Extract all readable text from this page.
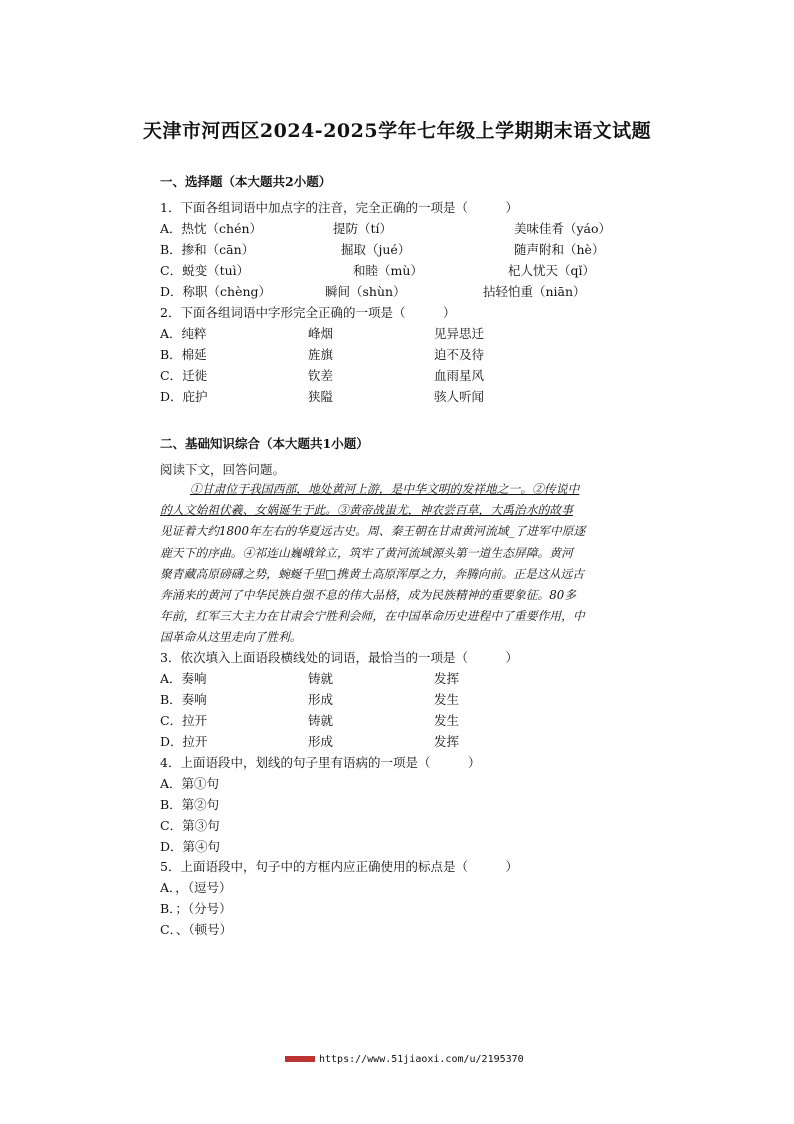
天津市河西区2024-2025学年七年级上学期期末语文试题
一、选择题（本大题共2小题）
1．下面各组词语中加点字的注音，完全正确的一项是（　　　）
A．热忱（chén）	提防（tí）	美味佳肴（yáo）
B．掺和（cān）	掘取（jué）	随声附和（hè）
C．蜕变（tuì）	和睦（mù）	杞人忧天（qǐ）
D．称职（chèng）	瞬间（shùn）	拈轻怕重（niān）
2．下面各组词语中字形完全正确的一项是（　　　）
A．纯粹	峰烟	见异思迁
B．棉延	旌旗	迫不及待
C．迁徙	钦差	血雨星风
D．庇护	狭隘	骇人听闻
二、基础知识综合（本大题共1小题）
阅读下文，回答问题。

①甘肃位于我国西部，地处黄河上游，是中华文明的发祥地之一。②传说中

的人文始祖伏羲、女娲诞生于此。③黄帝战蚩尤，神农尝百草，大禹治水的故事

见证着大约1800年左右的华夏远古史。周、秦王朝在甘肃黄河流域_了进军中原逐

鹿天下的序曲。④祁连山巍峨耸立，筑牢了黄河流域源头第一道生态屏障。黄河

聚青藏高原磅礴之势，蜿蜒千里□携黄土高原浑厚之力，奔腾向前。正是这从远古

奔涌来的黄河了中华民族自强不息的伟大品格，成为民族精神的重要象征。80多

年前，红军三大主力在甘肃会宁胜利会师，在中国革命历史进程中了重要作用，中

国革命从这里走向了胜利。

3．依次填入上面语段横线处的词语，最恰当的一项是（　　　）
A．奏响	铸就	发挥
B．奏响	形成	发生
C．拉开	铸就	发生
D．拉开	形成	发挥
4．上面语段中，划线的句子里有语病的一项是（　　　）
A．第①句
B．第②句
C．第③句
D．第④句
5．上面语段中，句子中的方框内应正确使用的标点是（　　　）
A．，（逗号）
B．；（分号）
C．、（顿号）
https://www.51jiaoxi.com/u/2195370
